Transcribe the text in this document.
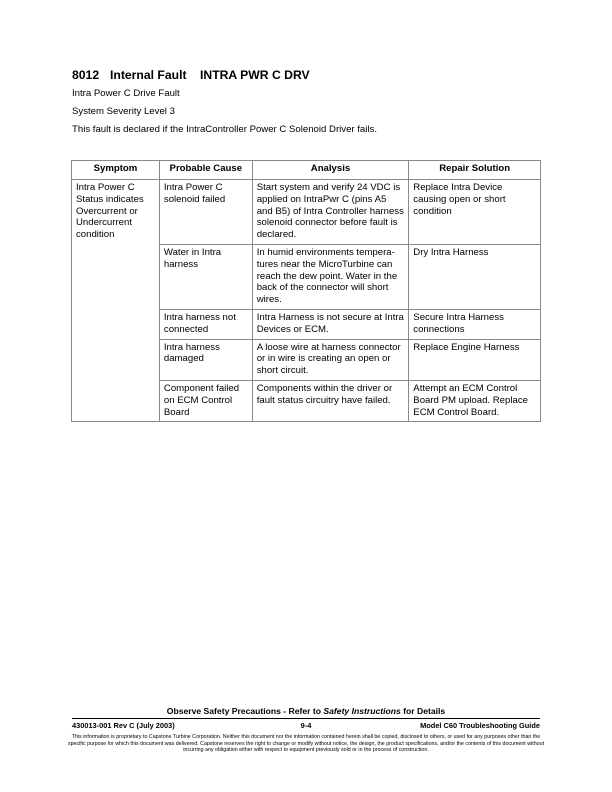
8012 Internal Fault INTRA PWR C DRV
Intra Power C Drive Fault
System Severity Level 3
This fault is declared if the IntraController Power C Solenoid Driver fails.
Symptom	Probable Cause	Analysis	Repair Solution
Intra Power C Status indicates Overcurrent or Undercurrent condition	Intra Power C solenoid failed	Start system and verify 24 VDC is applied on IntraPwr C (pins A5 and B5) of Intra Controller harness solenoid connector before fault is declared.	Replace Intra Device causing open or short condition
	Water in Intra harness	In humid environments tempera-tures near the MicroTurbine can reach the dew point. Water in the back of the connector will short wires.	Dry Intra Harness
	Intra harness not connected	Intra Harness is not secure at Intra Devices or ECM.	Secure Intra Harness connections
	Intra harness damaged	A loose wire at harness connector or in wire is creating an open or short circuit.	Replace Engine Harness
	Component failed on ECM Control Board	Components within the driver or fault status circuitry have failed.	Attempt an ECM Control Board PM upload. Replace ECM Control Board.
Observe Safety Precautions - Refer to Safety Instructions for Details
430013-001 Rev C (July 2003)	9-4	Model C60 Troubleshooting Guide
This information is proprietary to Capstone Turbine Corporation. Neither this document nor the information contained herein shall be copied, disclosed to others, or used for any purposes other than the specific purpose for which this document was delivered. Capstone reserves the right to change or modify without notice, the design, the product specifications, and/or the contents of this document without incurring any obligation either with respect to equipment previously sold or in the process of construction.
